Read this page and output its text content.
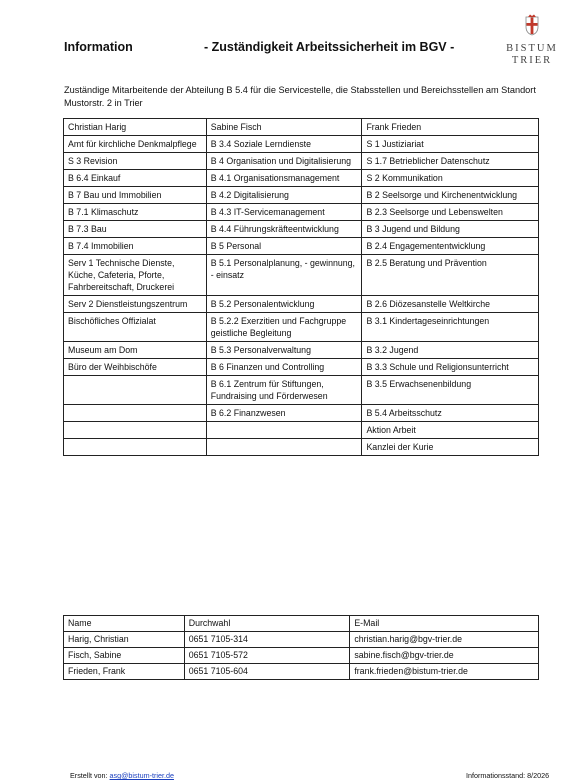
Information	- Zuständigkeit Arbeitssicherheit im BGV -	BISTUM
TRIER
Zuständige Mitarbeitende der Abteilung B 5.4 für die Servicestelle, die Stabsstellen und Bereichsstellen am Standort Mustorstr. 2 in Trier
Christian Harig	Sabine Fisch	Frank Frieden
Amt für kirchliche Denkmalpflege	B 3.4 Soziale Lerndienste	S 1 Justiziariat
S 3 Revision	B 4 Organisation und Digitalisierung	S 1.7 Betrieblicher Datenschutz
B 6.4 Einkauf	B 4.1 Organisationsmanagement	S 2 Kommunikation
B 7 Bau und Immobilien	B 4.2 Digitalisierung	B 2 Seelsorge und Kirchenentwicklung
B 7.1 Klimaschutz	B 4.3 IT-Servicemanagement	B 2.3 Seelsorge und Lebenswelten
B 7.3 Bau	B 4.4 Führungskräfteentwicklung	B 3 Jugend und Bildung
B 7.4 Immobilien	B 5 Personal	B 2.4 Engagemententwicklung
Serv 1 Technische Dienste, Küche, Cafeteria, Pforte, Fahrbereitschaft, Druckerei	B 5.1 Personalplanung, - gewinnung, - einsatz	B 2.5 Beratung und Prävention
Serv 2 Dienstleistungszentrum	B 5.2 Personalentwicklung	B 2.6 Diözesanstelle Weltkirche
Bischöfliches Offizialat	B 5.2.2 Exerzitien und Fachgruppe geistliche Begleitung	B 3.1 Kindertageseinrichtungen
Museum am Dom	B 5.3 Personalverwaltung	B 3.2 Jugend
Büro der Weihbischöfe	B 6 Finanzen und Controlling	B 3.3 Schule und Religionsunterricht
	B 6.1 Zentrum für Stiftungen, Fundraising und Förderwesen	B 3.5 Erwachsenenbildung
	B 6.2 Finanzwesen	B 5.4 Arbeitsschutz
		Aktion Arbeit
		Kanzlei der Kurie
Name	Durchwahl	E-Mail
Harig, Christian	0651 7105-314	christian.harig@bgv-trier.de
Fisch, Sabine	0651 7105-572	sabine.fisch@bgv-trier.de
Frieden, Frank	0651 7105-604	frank.frieden@bistum-trier.de
Erstellt von: asg@bistum-trier.de	Informationsstand: 8/2026
